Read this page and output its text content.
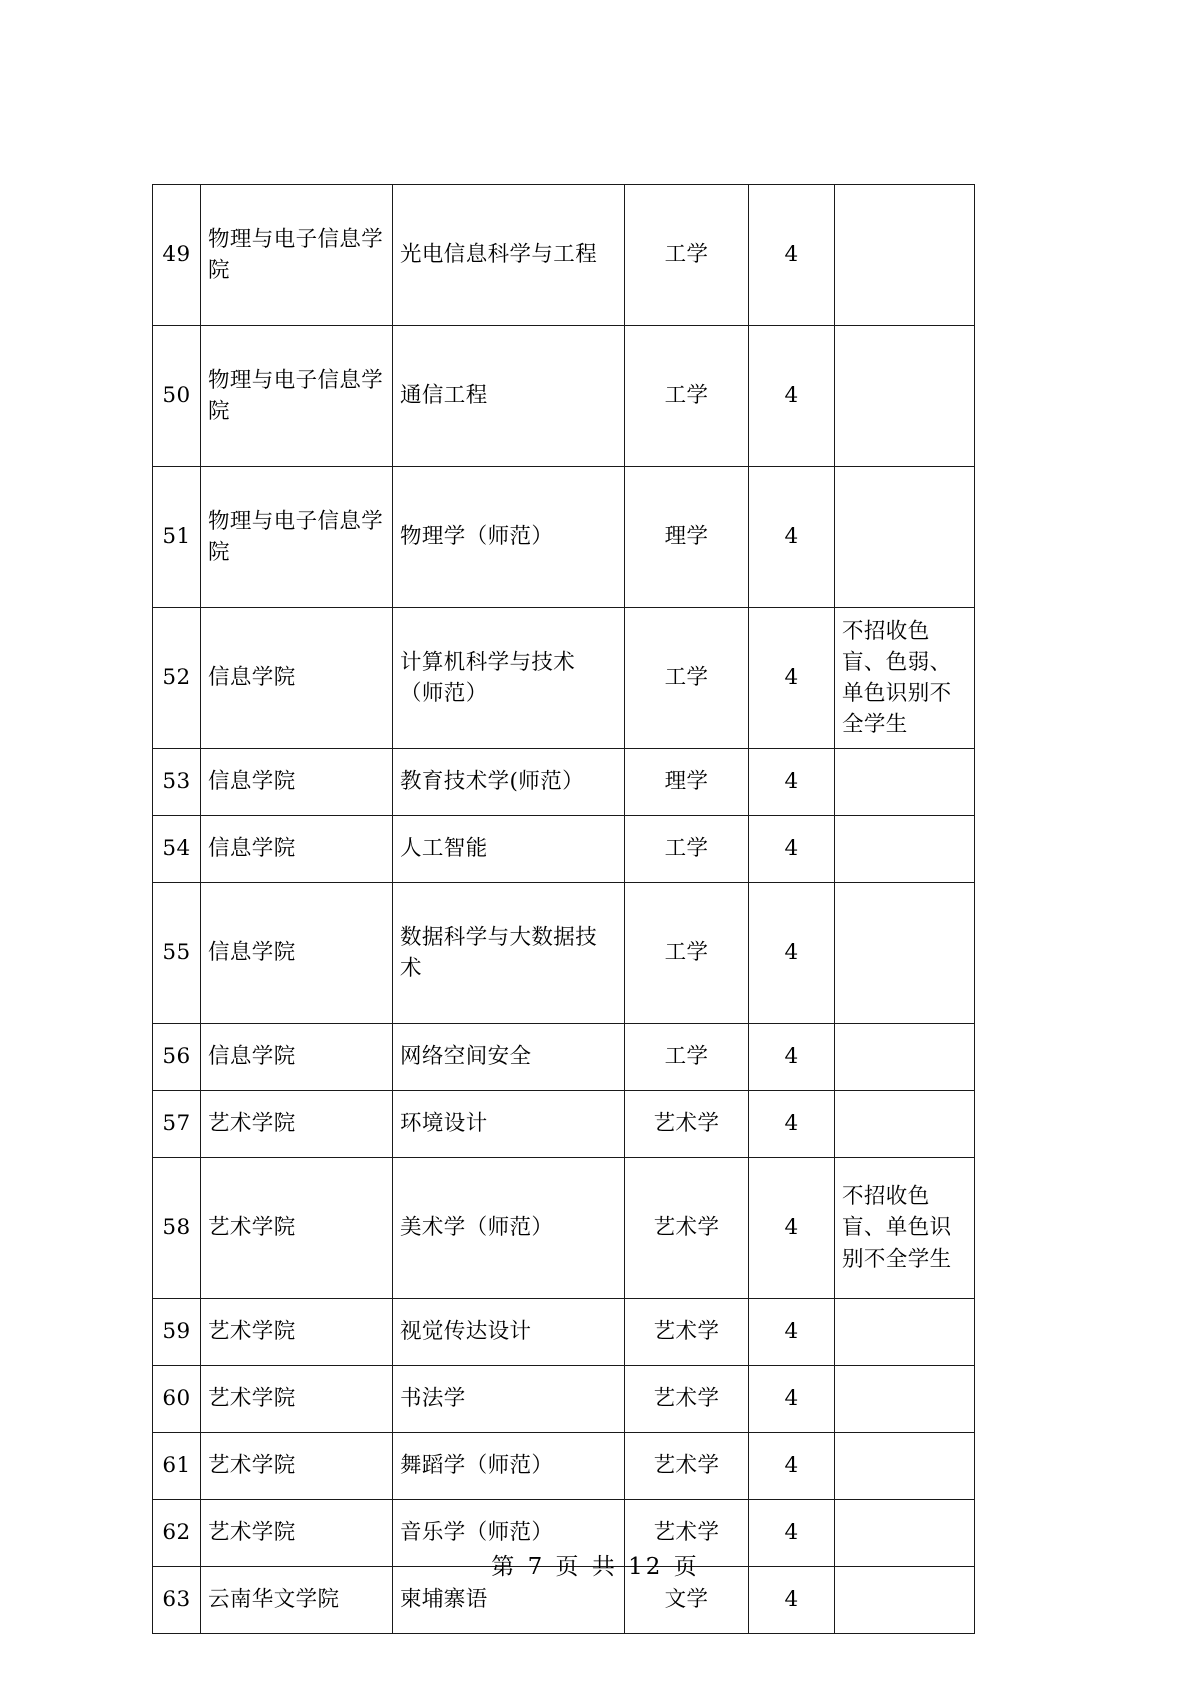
49	物理与电子信息学院	光电信息科学与工程	工学	4	
50	物理与电子信息学院	通信工程	工学	4	
51	物理与电子信息学院	物理学（师范）	理学	4	
52	信息学院	计算机科学与技术（师范）	工学	4	不招收色盲、色弱、单色识别不全学生
53	信息学院	教育技术学(师范）	理学	4	
54	信息学院	人工智能	工学	4	
55	信息学院	数据科学与大数据技术	工学	4	
56	信息学院	网络空间安全	工学	4	
57	艺术学院	环境设计	艺术学	4	
58	艺术学院	美术学（师范）	艺术学	4	不招收色盲、单色识别不全学生
59	艺术学院	视觉传达设计	艺术学	4	
60	艺术学院	书法学	艺术学	4	
61	艺术学院	舞蹈学（师范）	艺术学	4	
62	艺术学院	音乐学（师范）	艺术学	4	
63	云南华文学院	柬埔寨语	文学	4	
第 7 页 共 12 页
